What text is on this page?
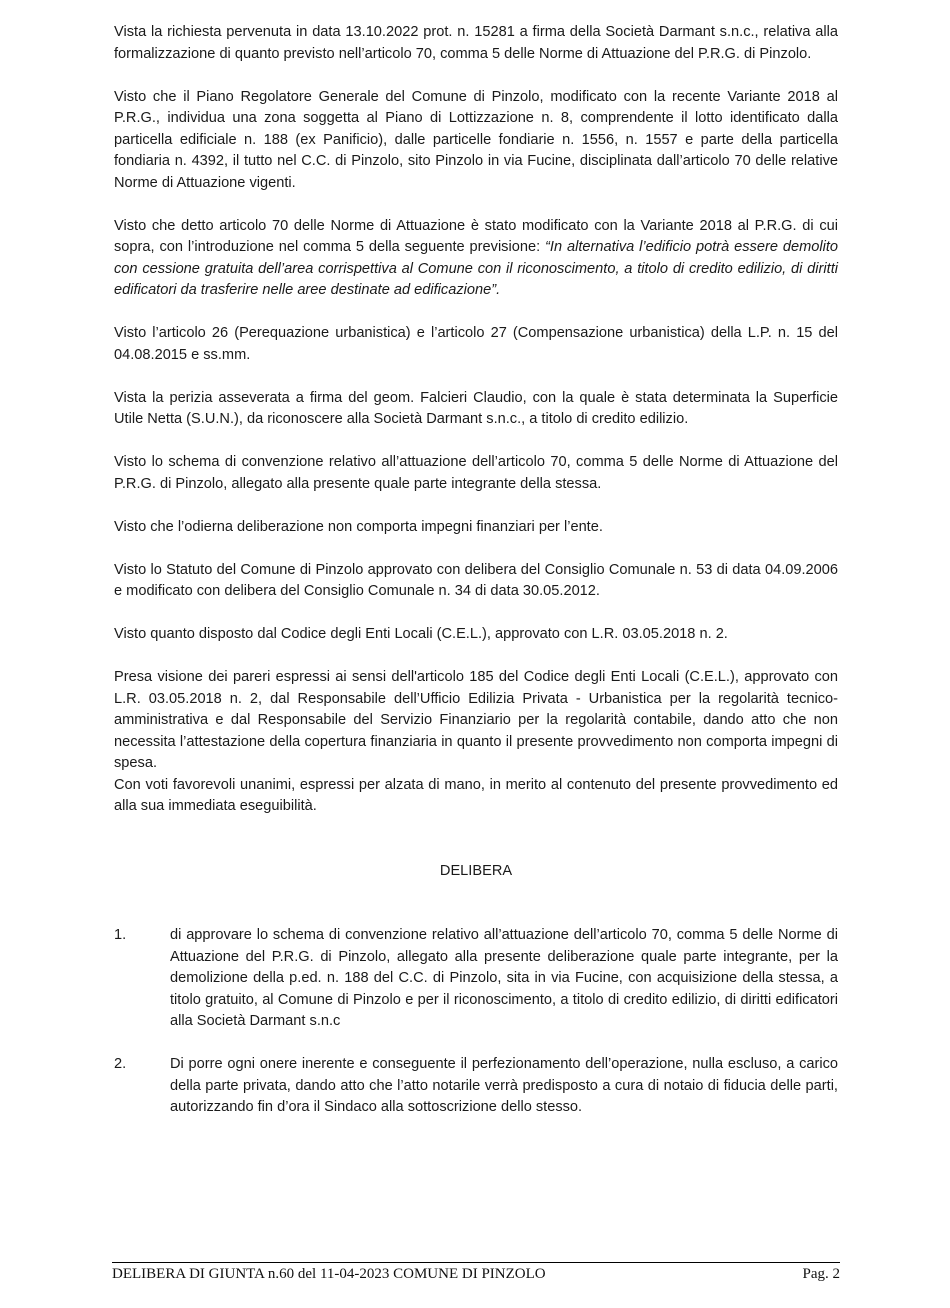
Vista la richiesta pervenuta in data 13.10.2022 prot. n. 15281 a firma della Società Darmant s.n.c., relativa alla formalizzazione di quanto previsto nell’articolo 70, comma 5 delle Norme di Attuazione del P.R.G. di Pinzolo.

Visto che il Piano Regolatore Generale del Comune di Pinzolo, modificato con la recente Variante 2018 al P.R.G., individua una zona soggetta al Piano di Lottizzazione n. 8, comprendente il lotto identificato dalla particella edificiale n. 188 (ex Panificio), dalle particelle fondiarie n. 1556, n. 1557 e parte della particella fondiaria n. 4392, il tutto nel C.C. di Pinzolo, sito Pinzolo in via Fucine, disciplinata dall’articolo 70 delle relative Norme di Attuazione vigenti.

Visto che detto articolo 70 delle Norme di Attuazione è stato modificato con la Variante 2018 al P.R.G. di cui sopra, con l’introduzione nel comma 5 della seguente previsione: “In alternativa l’edificio potrà essere demolito con cessione gratuita dell’area corrispettiva al Comune con il riconoscimento, a titolo di credito edilizio, di diritti edificatori da trasferire nelle aree destinate ad edificazione”.

Visto l’articolo 26 (Perequazione urbanistica) e l’articolo 27 (Compensazione urbanistica) della L.P. n. 15 del 04.08.2015 e ss.mm.

Vista la perizia asseverata a firma del geom. Falcieri Claudio, con la quale è stata determinata la Superficie Utile Netta (S.U.N.), da riconoscere alla Società Darmant s.n.c., a titolo di credito edilizio.

Visto lo schema di convenzione relativo all’attuazione dell’articolo 70, comma 5 delle Norme di Attuazione del P.R.G. di Pinzolo, allegato alla presente quale parte integrante della stessa.

Visto che l’odierna deliberazione non comporta impegni finanziari per l’ente.

Visto lo Statuto del Comune di Pinzolo approvato con delibera del Consiglio Comunale n. 53 di data 04.09.2006 e modificato con delibera del Consiglio Comunale n. 34 di data 30.05.2012.

Visto quanto disposto dal Codice degli Enti Locali (C.E.L.), approvato con L.R. 03.05.2018 n. 2.

Presa visione dei pareri espressi ai sensi dell'articolo 185 del Codice degli Enti Locali (C.E.L.), approvato con L.R. 03.05.2018 n. 2, dal Responsabile dell’Ufficio Edilizia Privata - Urbanistica per la regolarità tecnico-amministrativa e dal Responsabile del Servizio Finanziario per la regolarità contabile, dando atto che non necessita l’attestazione della copertura finanziaria in quanto il presente provvedimento non comporta impegni di spesa.

Con voti favorevoli unanimi, espressi per alzata di mano, in merito al contenuto del presente provvedimento ed alla sua immediata eseguibilità.

DELIBERA

1.	di approvare lo schema di convenzione relativo all’attuazione dell’articolo 70, comma 5 delle Norme di Attuazione del P.R.G. di Pinzolo, allegato alla presente deliberazione quale parte integrante, per la demolizione della p.ed. n. 188 del C.C. di Pinzolo, sita in via Fucine, con acquisizione della stessa, a titolo gratuito, al Comune di Pinzolo e per il riconoscimento, a titolo di credito edilizio, di diritti edificatori alla Società Darmant s.n.c
2.	Di porre ogni onere inerente e conseguente il perfezionamento dell’operazione, nulla escluso, a carico della parte privata, dando atto che l’atto notarile verrà predisposto a cura di notaio di fiducia delle parti, autorizzando fin d’ora il Sindaco alla sottoscrizione dello stesso.
DELIBERA DI GIUNTA n.60 del 11-04-2023 COMUNE DI PINZOLO	Pag. 2
